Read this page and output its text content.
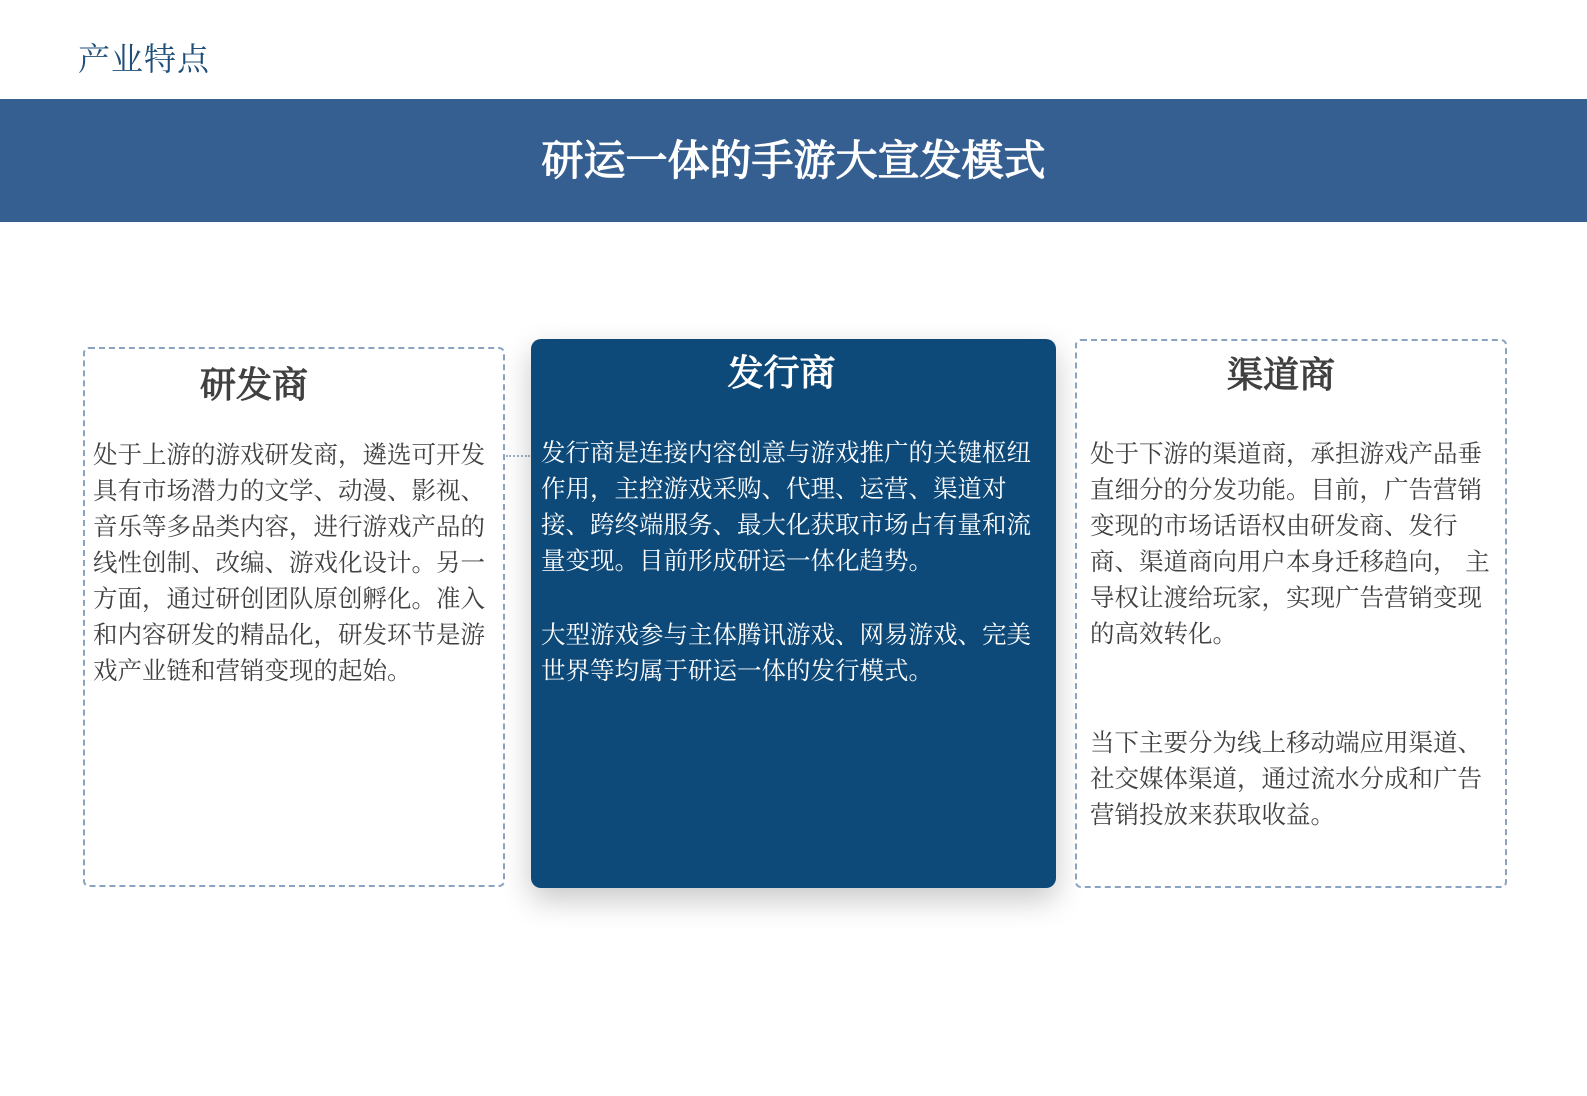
产业特点
研运一体的手游大宣发模式
研发商

处于上游的游戏研发商，遴选可开发具有市场潜力的文学、动漫、影视、音乐等多品类内容，进行游戏产品的线性创制、改编、游戏化设计。另一方面，通过研创团队原创孵化。准入和内容研发的精品化，研发环节是游戏产业链和营销变现的起始。

发行商

发行商是连接内容创意与游戏推广的关键枢纽作用，主控游戏采购、代理、运营、渠道对接、跨终端服务、最大化获取市场占有量和流量变现。目前形成研运一体化趋势。

大型游戏参与主体腾讯游戏、网易游戏、完美世界等均属于研运一体的发行模式。

渠道商

处于下游的渠道商，承担游戏产品垂直细分的分发功能。目前，广告营销变现的市场话语权由研发商、发行商、渠道商向用户本身迁移趋向， 主导权让渡给玩家，实现广告营销变现的高效转化。

当下主要分为线上移动端应用渠道、社交媒体渠道，通过流水分成和广告营销投放来获取收益。
